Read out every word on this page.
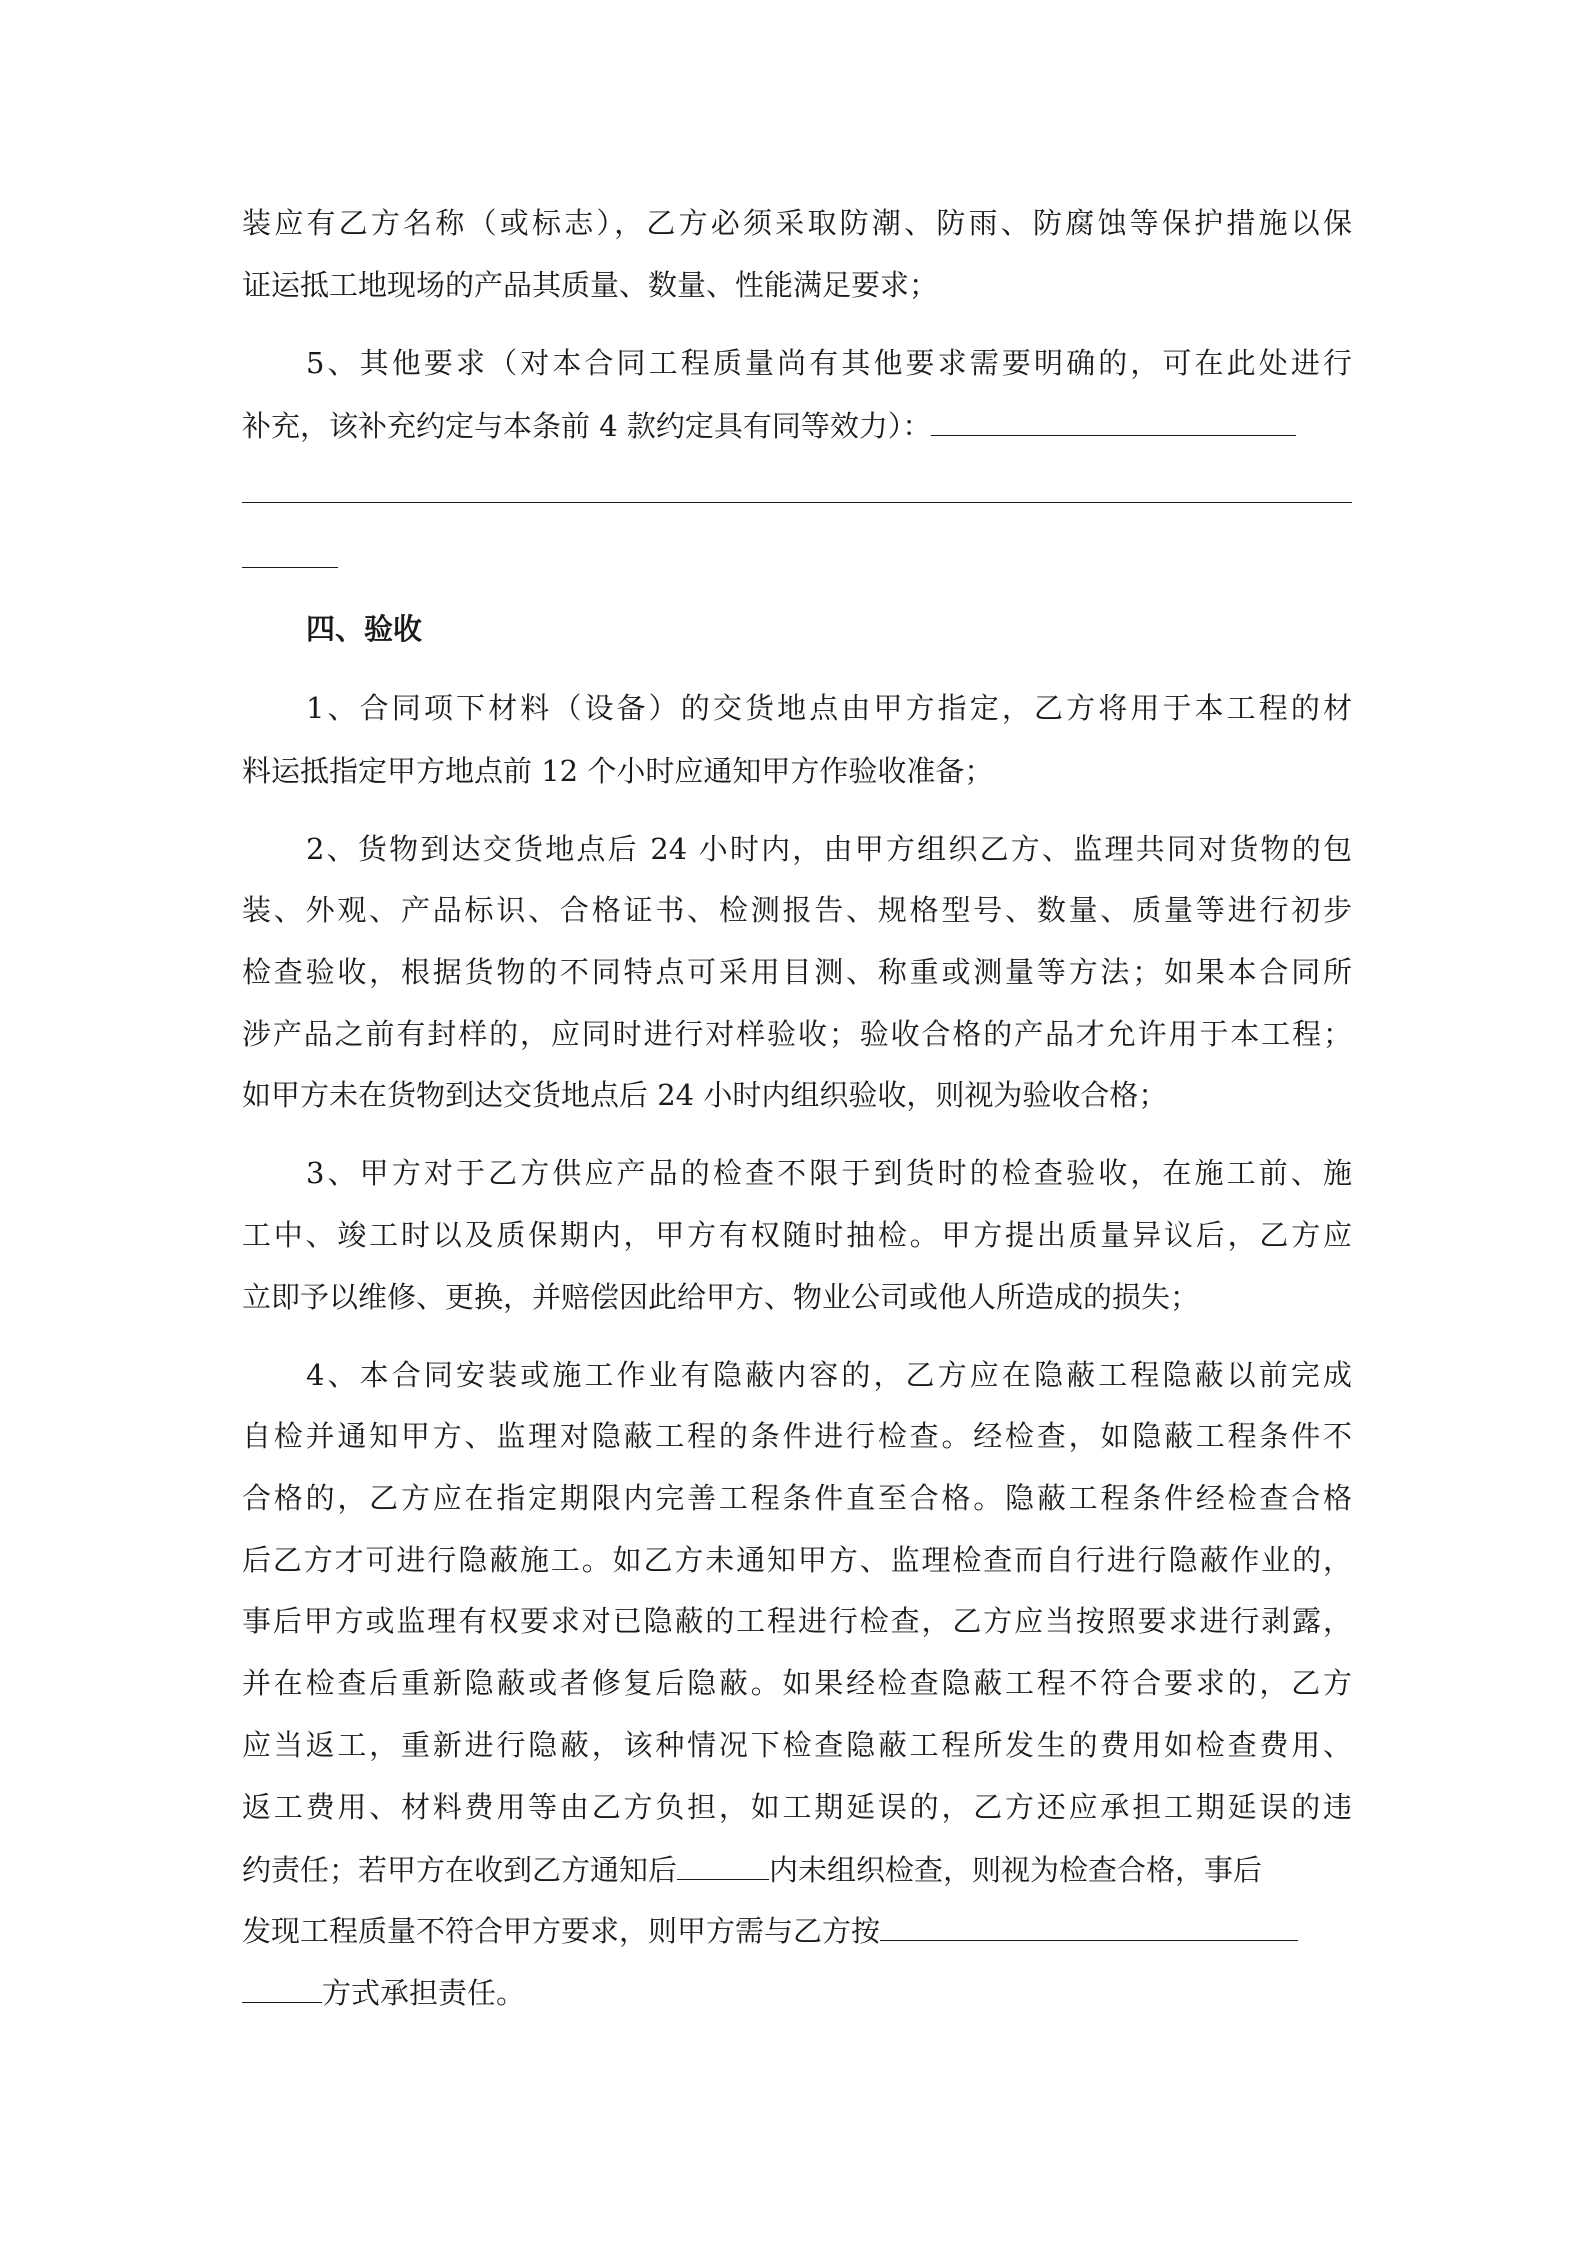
装应有乙方名称（或标志），乙方必须采取防潮、防雨、防腐蚀等保护措施以保
证运抵工地现场的产品其质量、数量、性能满足要求；
5、其他要求（对本合同工程质量尚有其他要求需要明确的，可在此处进行
补充，该补充约定与本条前 4 款约定具有同等效力）：
四、验收
1、合同项下材料（设备）的交货地点由甲方指定，乙方将用于本工程的材
料运抵指定甲方地点前 12 个小时应通知甲方作验收准备；
2、货物到达交货地点后 24 小时内，由甲方组织乙方、监理共同对货物的包
装、外观、产品标识、合格证书、检测报告、规格型号、数量、质量等进行初步
检查验收，根据货物的不同特点可采用目测、称重或测量等方法；如果本合同所
涉产品之前有封样的，应同时进行对样验收；验收合格的产品才允许用于本工程；
如甲方未在货物到达交货地点后 24 小时内组织验收，则视为验收合格；
3、甲方对于乙方供应产品的检查不限于到货时的检查验收，在施工前、施
工中、竣工时以及质保期内，甲方有权随时抽检。甲方提出质量异议后，乙方应
立即予以维修、更换，并赔偿因此给甲方、物业公司或他人所造成的损失；
4、本合同安装或施工作业有隐蔽内容的，乙方应在隐蔽工程隐蔽以前完成
自检并通知甲方、监理对隐蔽工程的条件进行检查。经检查，如隐蔽工程条件不
合格的，乙方应在指定期限内完善工程条件直至合格。隐蔽工程条件经检查合格
后乙方才可进行隐蔽施工。如乙方未通知甲方、监理检查而自行进行隐蔽作业的，
事后甲方或监理有权要求对已隐蔽的工程进行检查，乙方应当按照要求进行剥露，
并在检查后重新隐蔽或者修复后隐蔽。如果经检查隐蔽工程不符合要求的，乙方
应当返工，重新进行隐蔽，该种情况下检查隐蔽工程所发生的费用如检查费用、
返工费用、材料费用等由乙方负担，如工期延误的，乙方还应承担工期延误的违
约责任；若甲方在收到乙方通知后	内未组织检查，则视为检查合格，事后
发现工程质量不符合甲方要求，则甲方需与乙方按
方式承担责任。
